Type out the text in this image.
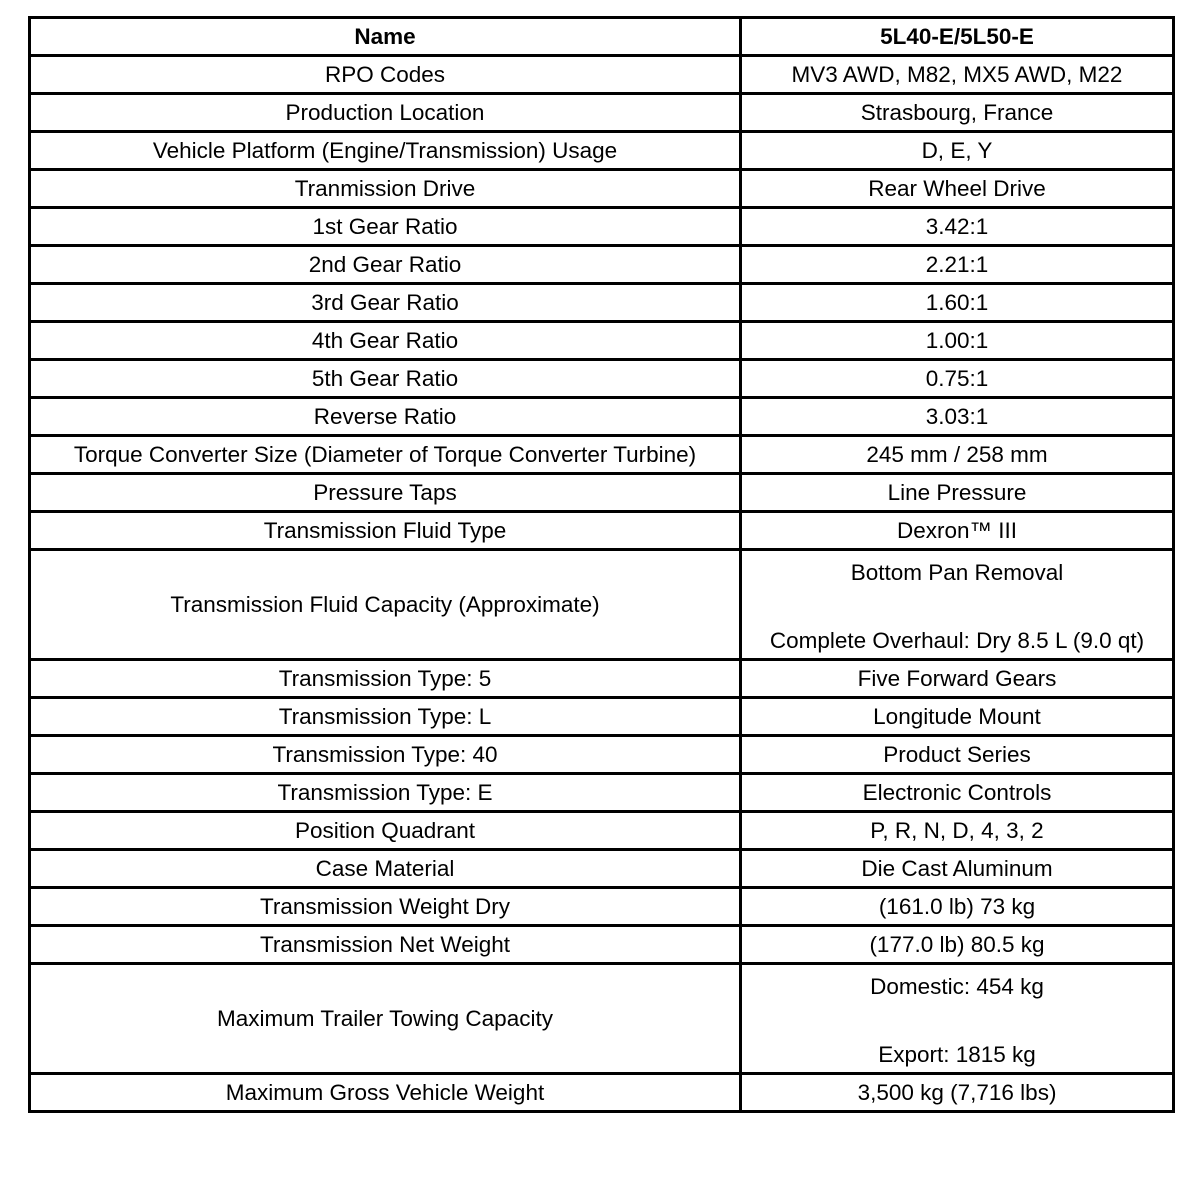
Name	5L40-E/5L50-E
RPO Codes	MV3 AWD, M82, MX5 AWD, M22
Production Location	Strasbourg, France
Vehicle Platform (Engine/Transmission) Usage	D, E, Y
Tranmission Drive	Rear Wheel Drive
1st Gear Ratio	3.42:1
2nd Gear Ratio	2.21:1
3rd Gear Ratio	1.60:1
4th Gear Ratio	1.00:1
5th Gear Ratio	0.75:1
Reverse Ratio	3.03:1
Torque Converter Size (Diameter of Torque Converter Turbine)	245 mm / 258 mm
Pressure Taps	Line Pressure
Transmission Fluid Type	Dexron™ III
Transmission Fluid Capacity (Approximate)	Bottom Pan Removal
Complete Overhaul: Dry 8.5 L (9.0 qt)

Transmission Type: 5	Five Forward Gears
Transmission Type: L	Longitude Mount
Transmission Type: 40	Product Series
Transmission Type: E	Electronic Controls
Position Quadrant	P, R, N, D, 4, 3, 2
Case Material	Die Cast Aluminum
Transmission Weight Dry	(161.0 lb) 73 kg
Transmission Net Weight	(177.0 lb) 80.5 kg
Maximum Trailer Towing Capacity	Domestic: 454 kg
Export: 1815 kg

Maximum Gross Vehicle Weight	3,500 kg (7,716 lbs)
